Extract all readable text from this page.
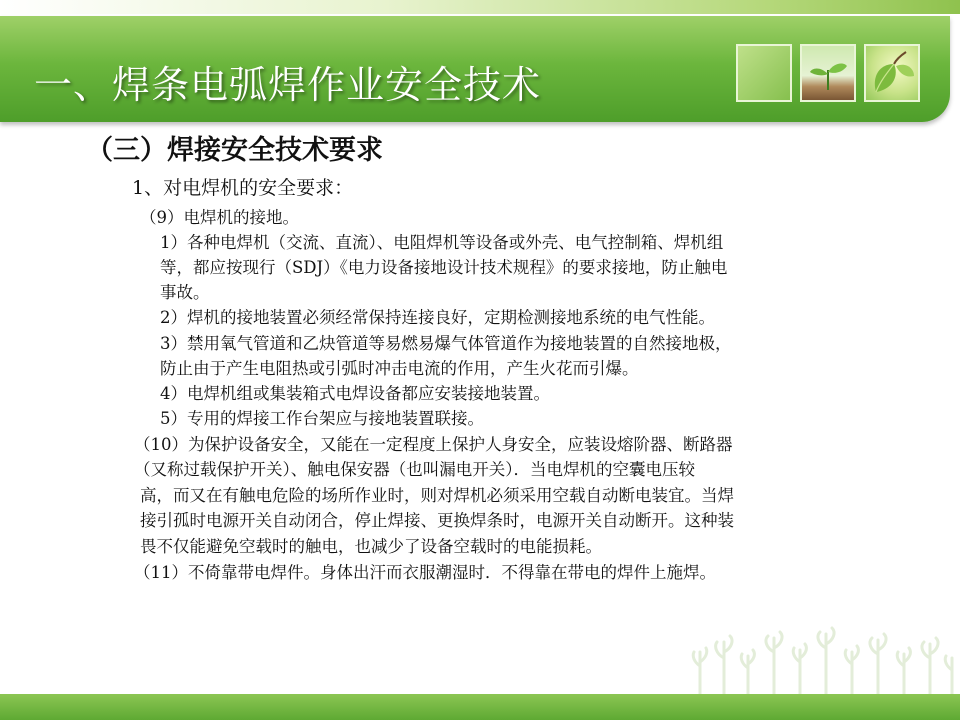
一、焊条电弧焊作业安全技术
（三）焊接安全技术要求
1、对电焊机的安全要求：
（9）电焊机的接地。
1）各种电焊机（交流、直流）、电阻焊机等设备或外壳、电气控制箱、焊机组
等，都应按现行（SDJ）《电力设备接地设计技术规程》的要求接地，防止触电
事故。
2）焊机的接地装置必须经常保持连接良好，定期检测接地系统的电气性能。
3）禁用氧气管道和乙炔管道等易燃易爆气体管道作为接地装置的自然接地极，
防止由于产生电阻热或引弧时冲击电流的作用，产生火花而引爆。
4）电焊机组或集装箱式电焊设备都应安装接地装置。
5）专用的焊接工作台架应与接地装置联接。
（10）为保护设备安全，又能在一定程度上保护人身安全，应装设熔阶器、断路器
（又称过载保护开关）、触电保安器（也叫漏电开关）．当电焊机的空囊电压较
高，而又在有触电危险的场所作业时，则对焊机必须采用空载自动断电装宜。当焊
接引孤时电源开关自动闭合，停止焊接、更换焊条时，电源开关自动断开。这种装
畏不仅能避免空载时的触电，也减少了设备空载时的电能损耗。
（11）不倚靠带电焊件。身体出汗而衣服潮湿时．不得靠在带电的焊件上施焊。
